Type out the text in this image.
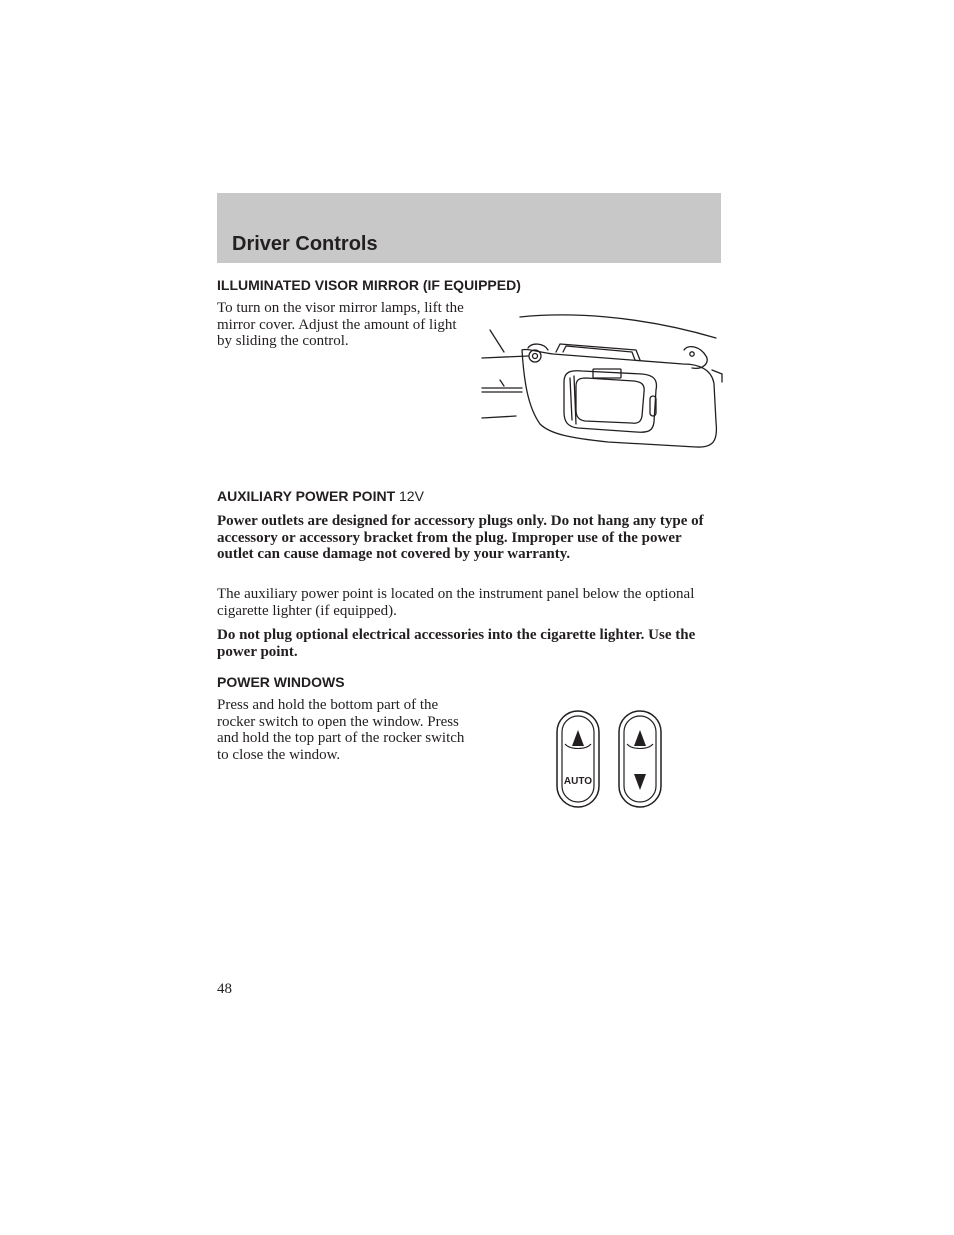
Driver Controls
ILLUMINATED VISOR MIRROR (IF EQUIPPED)

To turn on the visor mirror lamps, lift the mirror cover. Adjust the amount of light by sliding the control.

AUXILIARY POWER POINT 12V

Power outlets are designed for accessory plugs only. Do not hang any type of accessory or accessory bracket from the plug. Improper use of the power outlet can cause damage not covered by your warranty.

The auxiliary power point is located on the instrument panel below the optional cigarette lighter (if equipped).

Do not plug optional electrical accessories into the cigarette lighter. Use the power point.

POWER WINDOWS

Press and hold the bottom part of the rocker switch to open the window. Press and hold the top part of the rocker switch to close the window.

AUTO

48
